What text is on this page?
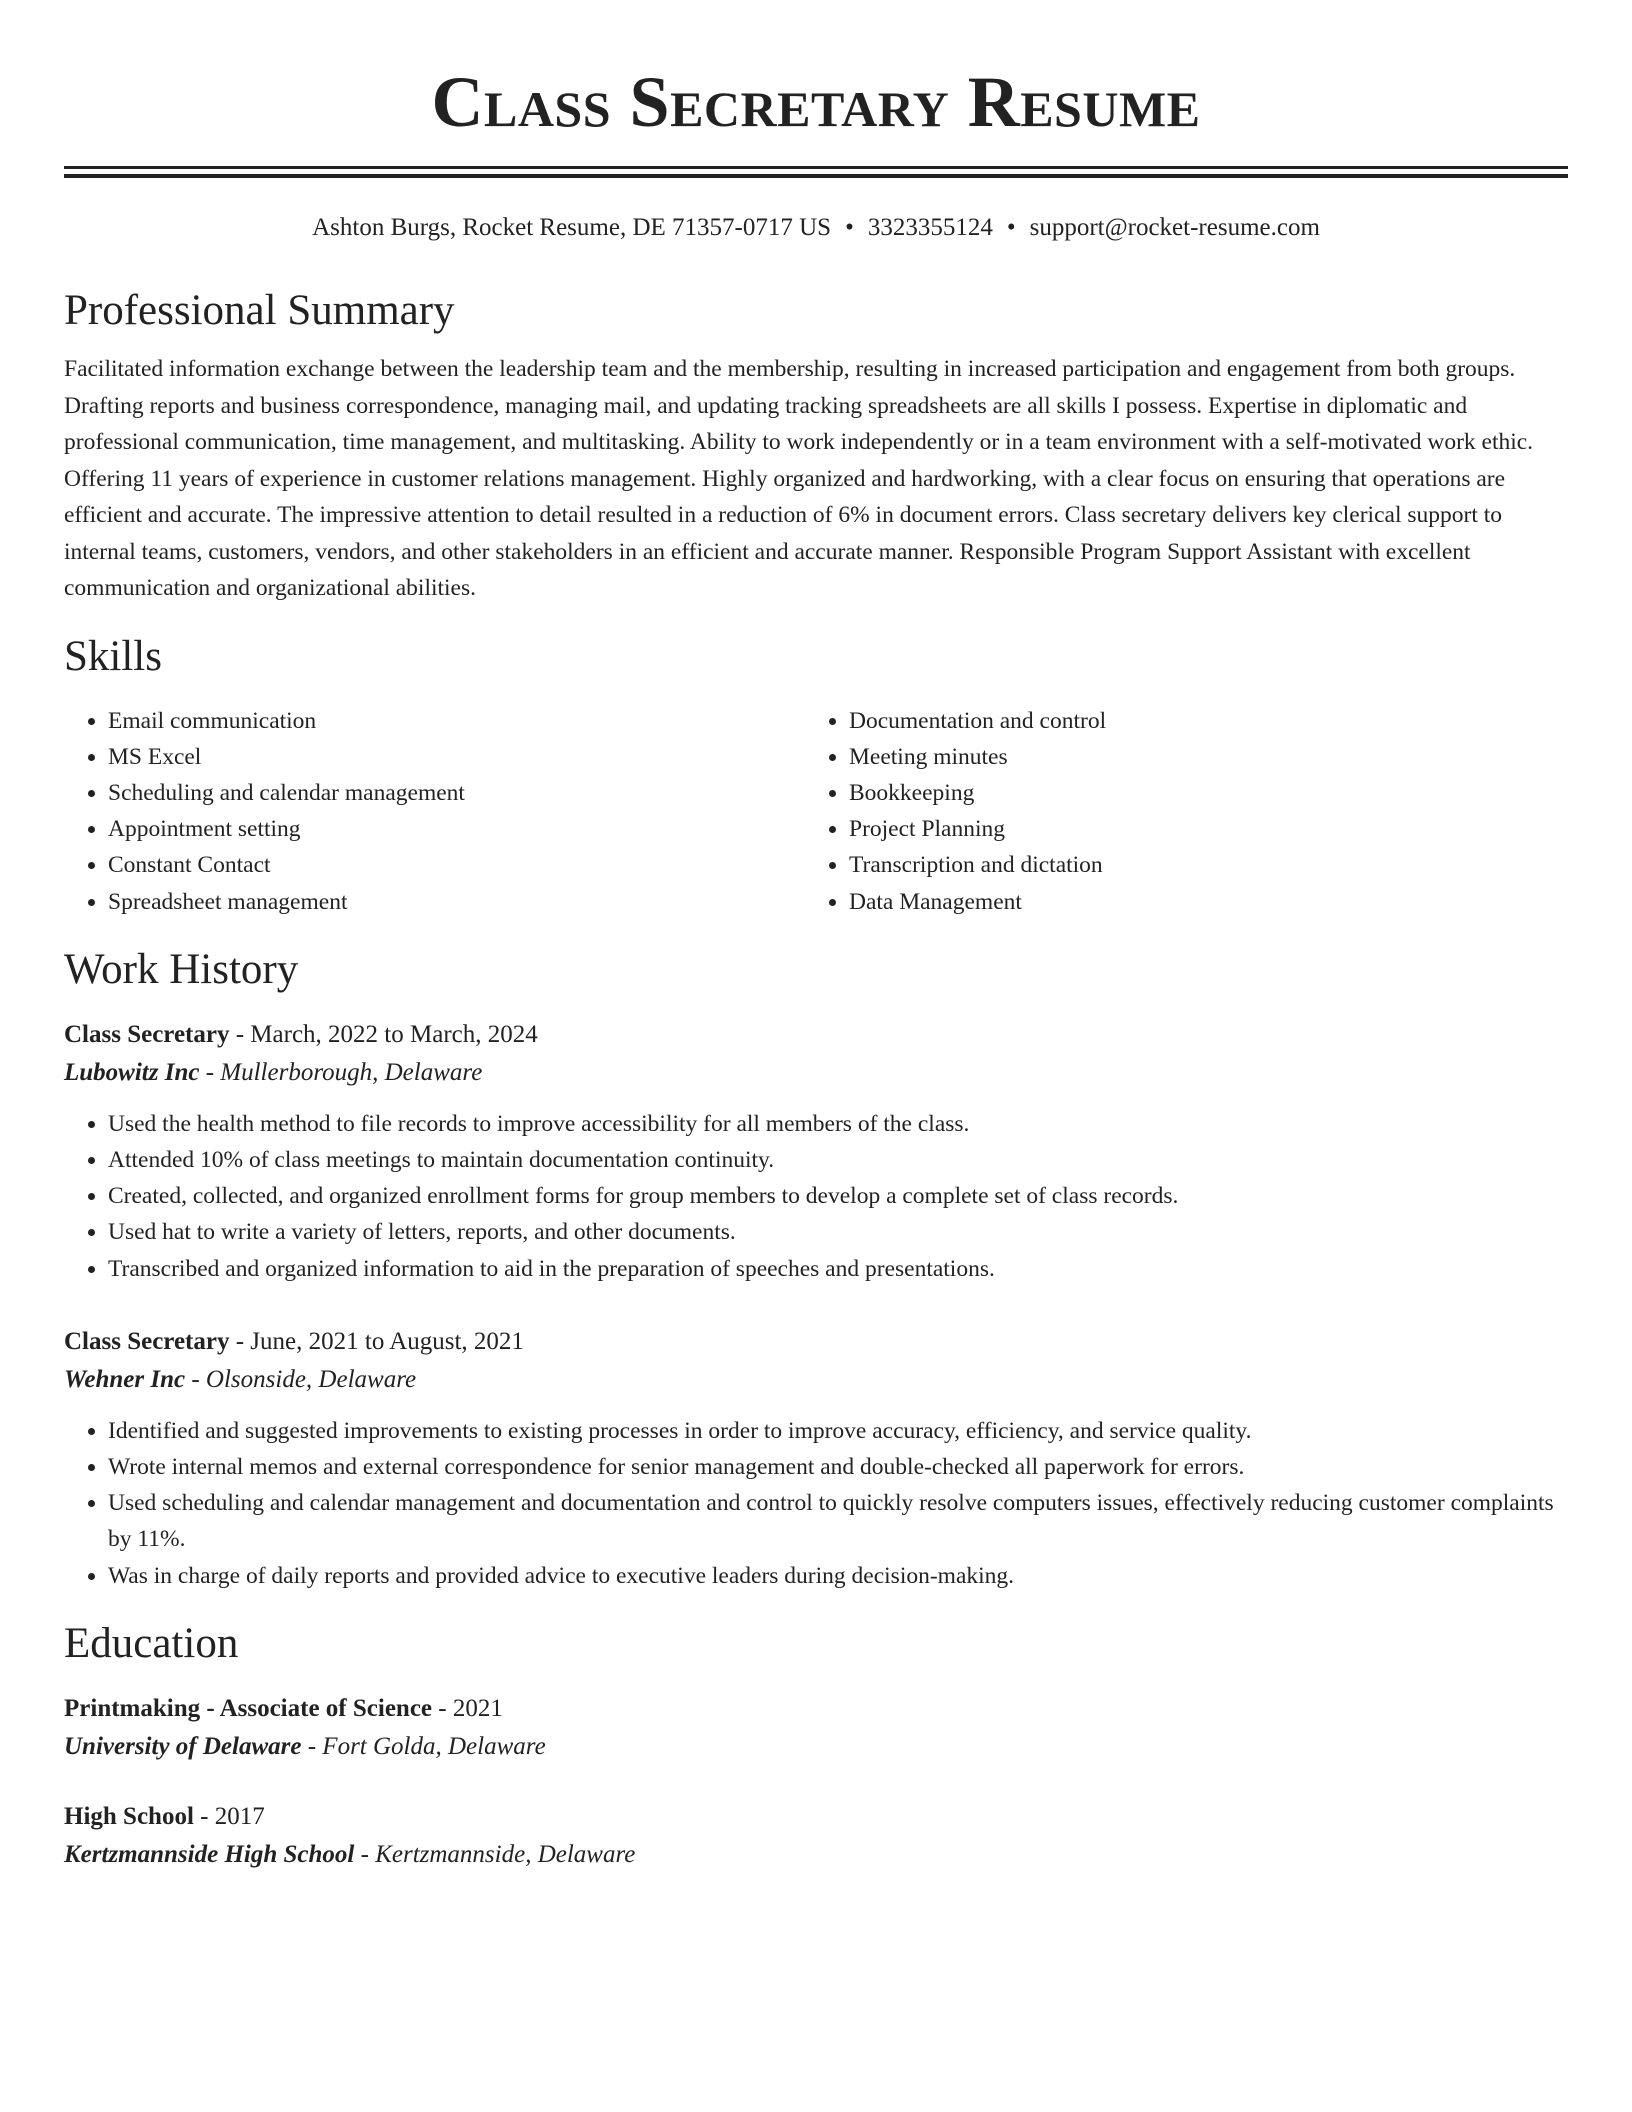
Class Secretary Resume
Ashton Burgs, Rocket Resume, DE 71357-0717 US • 3323355124 • support@rocket-resume.com
Professional Summary
Facilitated information exchange between the leadership team and the membership, resulting in increased participation and engagement from both groups. Drafting reports and business correspondence, managing mail, and updating tracking spreadsheets are all skills I possess. Expertise in diplomatic and professional communication, time management, and multitasking. Ability to work independently or in a team environment with a self-motivated work ethic. Offering 11 years of experience in customer relations management. Highly organized and hardworking, with a clear focus on ensuring that operations are efficient and accurate. The impressive attention to detail resulted in a reduction of 6% in document errors. Class secretary delivers key clerical support to internal teams, customers, vendors, and other stakeholders in an efficient and accurate manner. Responsible Program Support Assistant with excellent communication and organizational abilities.
Skills
• Email communication
• MS Excel
• Scheduling and calendar management
• Appointment setting
• Constant Contact
• Spreadsheet management
• Documentation and control
• Meeting minutes
• Bookkeeping
• Project Planning
• Transcription and dictation
• Data Management
Work History
Class Secretary - March, 2022 to March, 2024
Lubowitz Inc - Mullerborough, Delaware
• Used the health method to file records to improve accessibility for all members of the class.
• Attended 10% of class meetings to maintain documentation continuity.
• Created, collected, and organized enrollment forms for group members to develop a complete set of class records.
• Used hat to write a variety of letters, reports, and other documents.
• Transcribed and organized information to aid in the preparation of speeches and presentations.
Class Secretary - June, 2021 to August, 2021
Wehner Inc - Olsonside, Delaware
• Identified and suggested improvements to existing processes in order to improve accuracy, efficiency, and service quality.
• Wrote internal memos and external correspondence for senior management and double-checked all paperwork for errors.
• Used scheduling and calendar management and documentation and control to quickly resolve computers issues, effectively reducing customer complaints by 11%.
• Was in charge of daily reports and provided advice to executive leaders during decision-making.
Education
Printmaking - Associate of Science - 2021
University of Delaware - Fort Golda, Delaware
High School - 2017
Kertzmannside High School - Kertzmannside, Delaware
